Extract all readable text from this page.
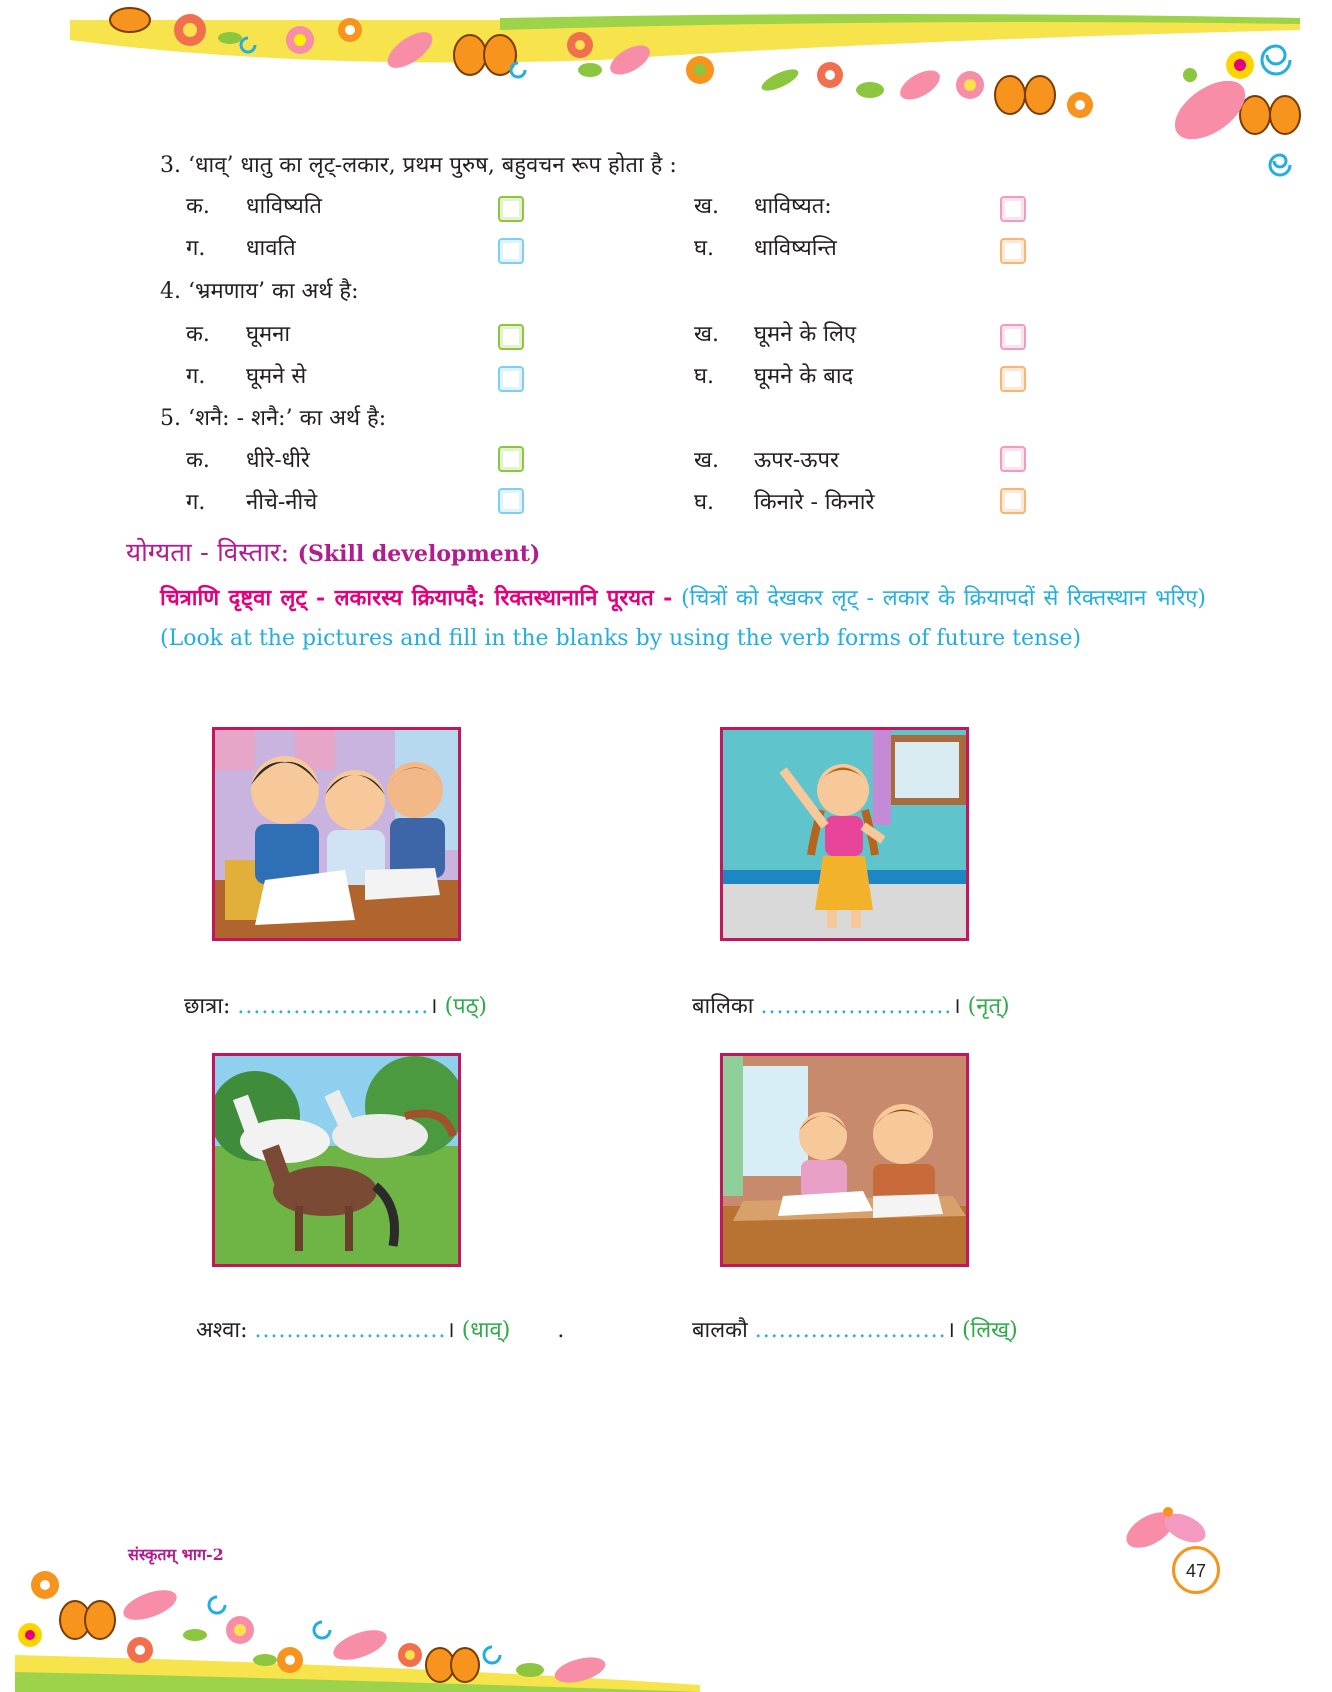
3. ‘धाव्’ धातु का लृट्-लकार, प्रथम पुरुष, बहुवचन रूप होता है :
क. धाविष्यति	ख. धाविष्यत:
ग. धावति	घ. धाविष्यन्ति
4. ‘भ्रमणाय’ का अर्थ है:
क. घूमना	ख. घूमने के लिए
ग. घूमने से	घ. घूमने के बाद
5. ‘शनै: - शनै:’ का अर्थ है:
क. धीरे-धीरे	ख. ऊपर-ऊपर
ग. नीचे-नीचे	घ. किनारे - किनारे
योग्यता - विस्तार: (Skill development)
चित्राणि दृष्ट्वा लृट् - लकारस्य क्रियापदै: रिक्तस्थानानि पूरयत - (चित्रों को देखकर लृट् - लकार के क्रियापदों से रिक्तस्थान भरिए) (Look at the pictures and fill in the blanks by using the verb forms of future tense)
छात्रा: ........................। (पठ्)	बालिका ........................। (नृत्)
अश्वा: ........................। (धाव्) .	बालकौ ........................। (लिख्)
संस्कृतम् भाग-2
47
